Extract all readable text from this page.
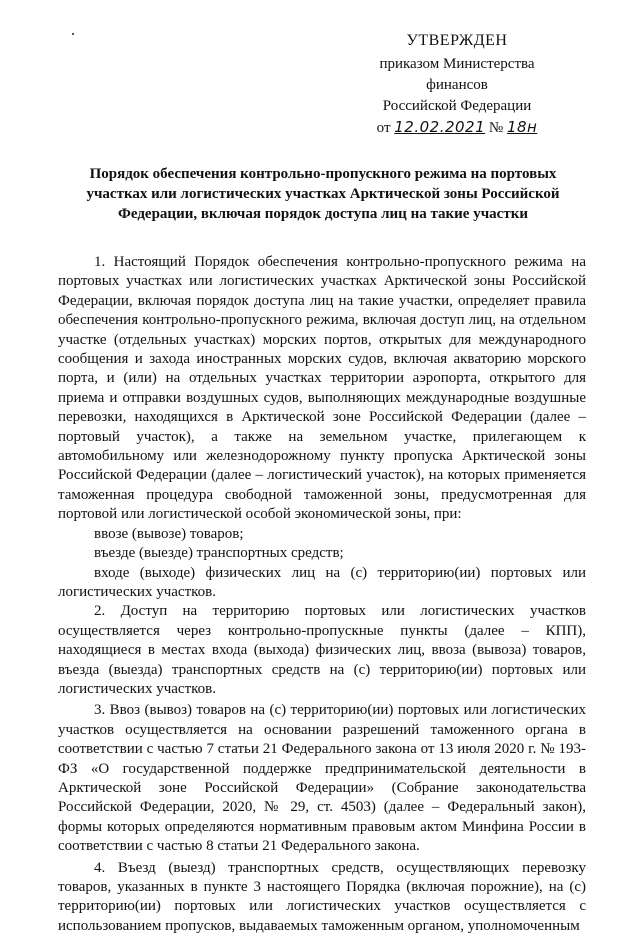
УТВЕРЖДЕН
приказом Министерства финансов
Российской Федерации
от 12.02.2021 № 18н
Порядок обеспечения контрольно-пропускного режима на портовых участках или логистических участках Арктической зоны Российской Федерации, включая порядок доступа лиц на такие участки

1. Настоящий Порядок обеспечения контрольно-пропускного режима на портовых участках или логистических участках Арктической зоны Российской Федерации, включая порядок доступа лиц на такие участки, определяет правила обеспечения контрольно-пропускного режима, включая доступ лиц, на отдельном участке (отдельных участках) морских портов, открытых для международного сообщения и захода иностранных морских судов, включая акваторию морского порта, и (или) на отдельных участках территории аэропорта, открытого для приема и отправки воздушных судов, выполняющих международные воздушные перевозки, находящихся в Арктической зоне Российской Федерации (далее – портовый участок), а также на земельном участке, прилегающем к автомобильному или железнодорожному пункту пропуска Арктической зоны Российской Федерации (далее – логистический участок), на которых применяется таможенная процедура свободной таможенной зоны, предусмотренная для портовой или логистической особой экономической зоны, при:

ввозе (вывозе) товаров;

въезде (выезде) транспортных средств;

входе (выходе) физических лиц на (с) территорию(ии) портовых или логистических участков.

2. Доступ на территорию портовых или логистических участков осуществляется через контрольно-пропускные пункты (далее – КПП), находящиеся в местах входа (выхода) физических лиц, ввоза (вывоза) товаров, въезда (выезда) транспортных средств на (с) территорию(ии) портовых или логистических участков.

3. Ввоз (вывоз) товаров на (с) территорию(ии) портовых или логистических участков осуществляется на основании разрешений таможенного органа в соответствии с частью 7 статьи 21 Федерального закона от 13 июля 2020 г. № 193-ФЗ «О государственной поддержке предпринимательской деятельности в Арктической зоне Российской Федерации» (Собрание законодательства Российской Федерации, 2020, № 29, ст. 4503) (далее – Федеральный закон), формы которых определяются нормативным правовым актом Минфина России в соответствии с частью 8 статьи 21 Федерального закона.

4. Въезд (выезд) транспортных средств, осуществляющих перевозку товаров, указанных в пункте 3 настоящего Порядка (включая порожние), на (с) территорию(ии) портовых или логистических участков осуществляется с использованием пропусков, выдаваемых таможенным органом, уполномоченным
